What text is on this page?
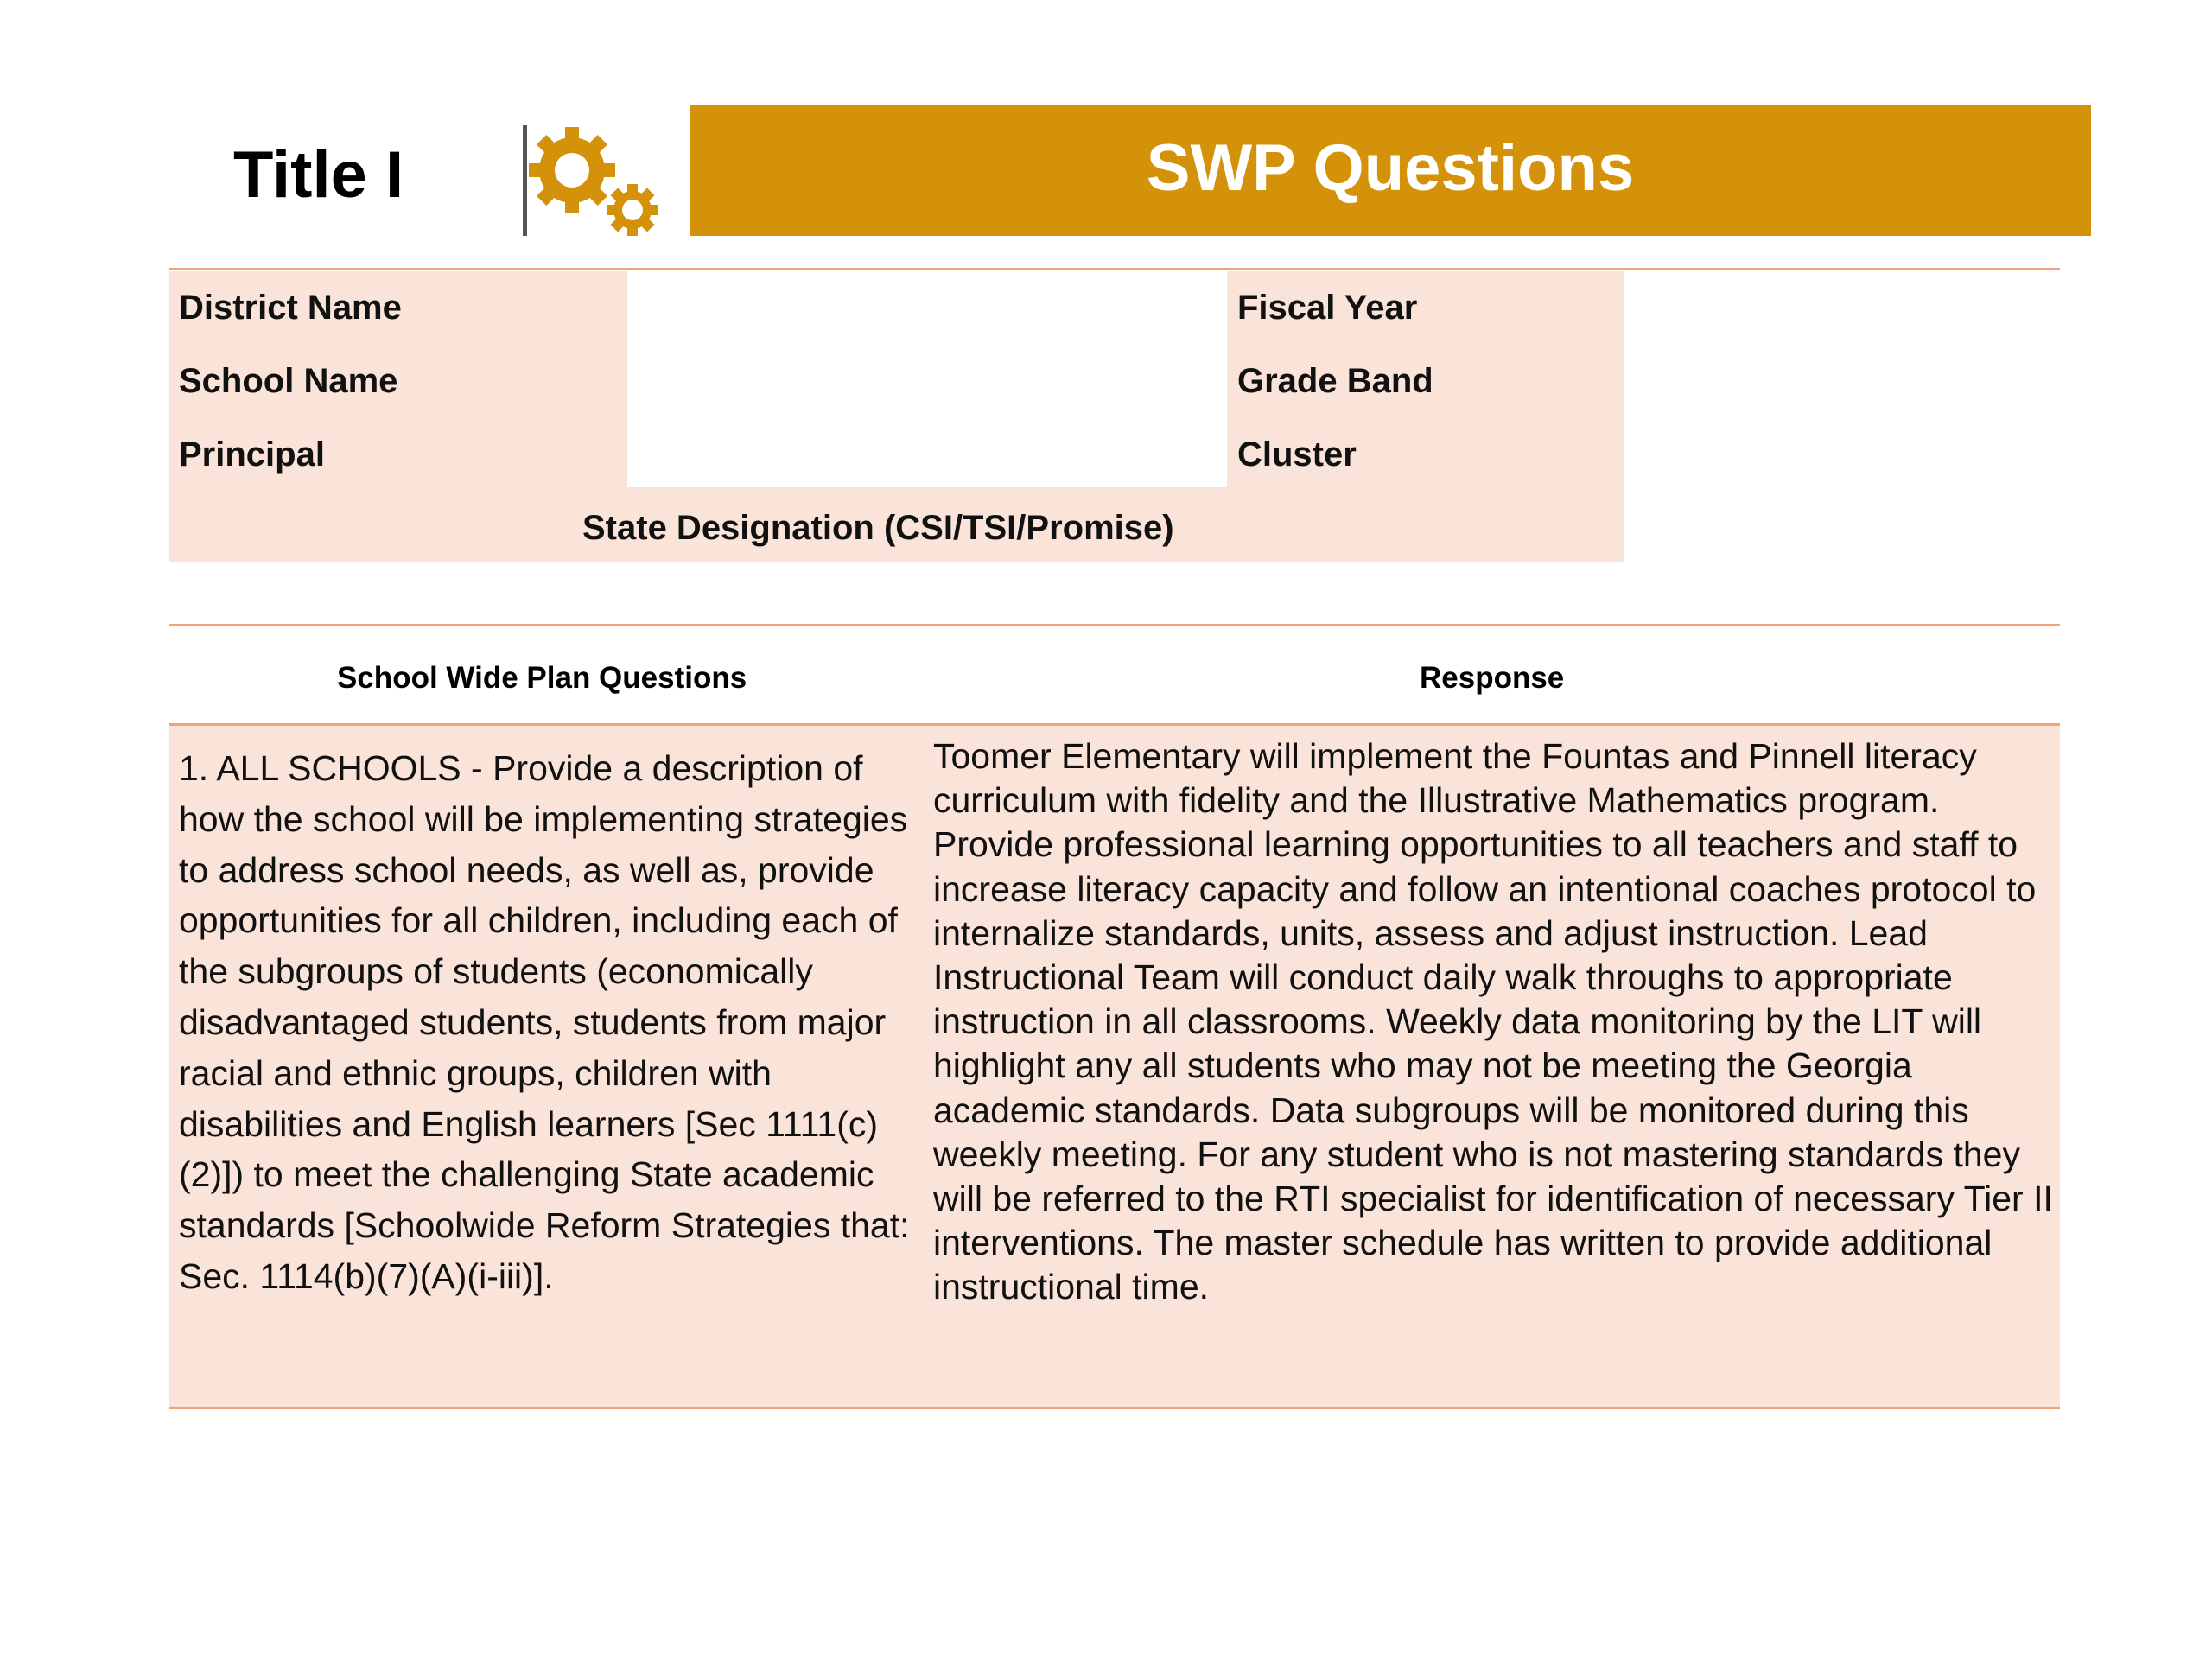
Title I	SWP Questions
District Name
School Name
Principal
Fiscal Year
Grade Band
Cluster
State Designation (CSI/TSI/Promise)
School Wide Plan Questions	Response
1. ALL SCHOOLS - Provide a description of how the school will be implementing strategies to address school needs, as well as, provide opportunities for all children, including each of the subgroups of students (economically disadvantaged students, students from major racial and ethnic groups, children with disabilities and English learners [Sec 1111(c)(2)]) to meet the challenging State academic standards [Schoolwide Reform Strategies that: Sec. 1114(b)(7)(A)(i-iii)].
Toomer Elementary will implement the Fountas and Pinnell literacy curriculum with fidelity and the Illustrative Mathematics program. Provide professional learning opportunities to all teachers and staff to increase literacy capacity and follow an intentional coaches protocol to internalize standards, units, assess and adjust instruction. Lead Instructional Team will conduct daily walk throughs to appropriate instruction in all classrooms. Weekly data monitoring by the LIT will highlight any all students who may not be meeting the Georgia academic standards. Data subgroups will be monitored during this weekly meeting. For any student who is not mastering standards they will be referred to the RTI specialist for identification of necessary Tier II interventions. The master schedule has written to provide additional instructional time.
